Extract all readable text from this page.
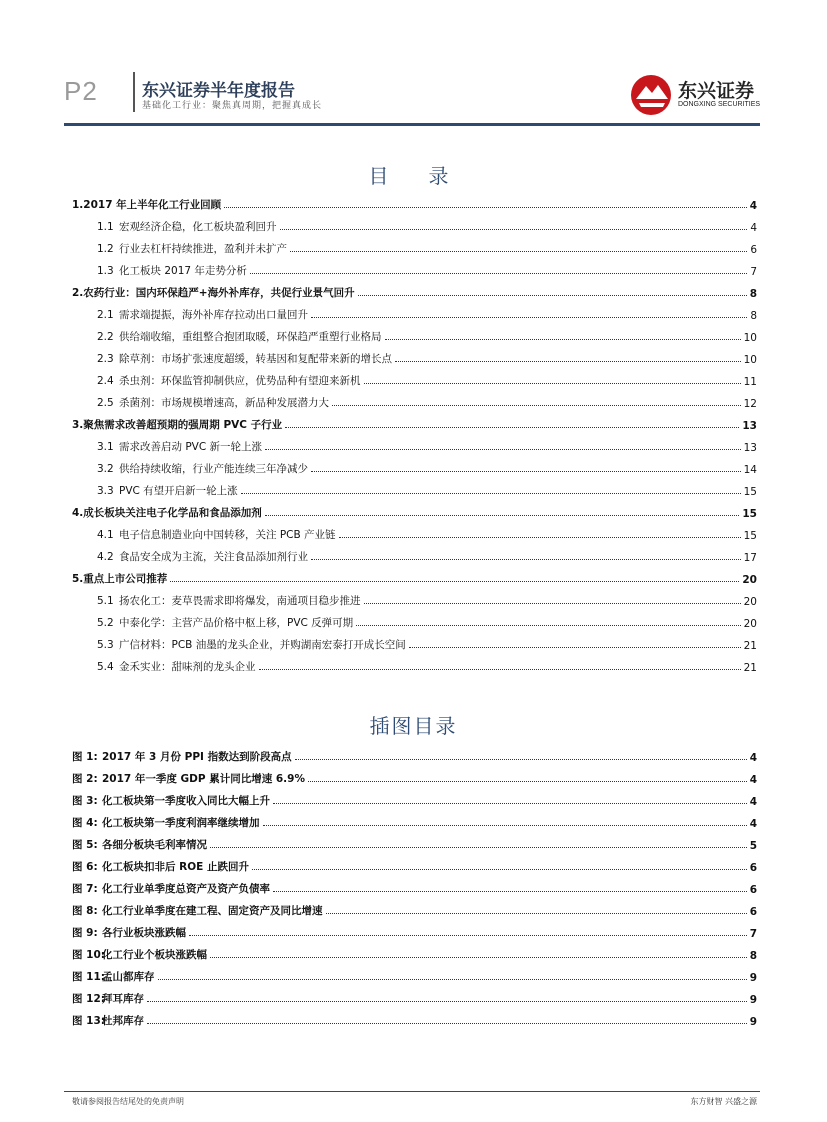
P2	东兴证券半年度报告
基础化工行业：聚焦真周期，把握真成长
东兴证券
DONGXING SECURITIES
目　录
1.2017 年上半年化工行业回顾	4
1.1 宏观经济企稳，化工板块盈利回升	4
1.2 行业去杠杆持续推进，盈利并未扩产	6
1.3 化工板块 2017 年走势分析	7
2.农药行业：国内环保趋严+海外补库存，共促行业景气回升	8
2.1 需求端提振，海外补库存拉动出口量回升	8
2.2 供给端收缩，重组整合抱团取暖，环保趋严重塑行业格局	10
2.3 除草剂：市场扩张速度超缓，转基因和复配带来新的增长点	10
2.4 杀虫剂：环保监管抑制供应，优势品种有望迎来新机	11
2.5 杀菌剂：市场规模增速高，新品种发展潜力大	12
3.聚焦需求改善超预期的强周期 PVC 子行业	13
3.1 需求改善启动 PVC 新一轮上涨	13
3.2 供给持续收缩，行业产能连续三年净减少	14
3.3 PVC 有望开启新一轮上涨	15
4.成长板块关注电子化学品和食品添加剂	15
4.1 电子信息制造业向中国转移，关注 PCB 产业链	15
4.2 食品安全成为主流，关注食品添加剂行业	17
5.重点上市公司推荐	20
5.1 扬农化工：麦草畏需求即将爆发，南通项目稳步推进	20
5.2 中泰化学：主营产品价格中枢上移，PVC 反弹可期	20
5.3 广信材料：PCB 油墨的龙头企业，并购湖南宏泰打开成长空间	21
5.4 金禾实业：甜味剂的龙头企业	21
插图目录
图 1: 2017 年 3 月份 PPI 指数达到阶段高点	4
图 2: 2017 年一季度 GDP 累计同比增速 6.9%	4
图 3: 化工板块第一季度收入同比大幅上升	4
图 4: 化工板块第一季度利润率继续增加	4
图 5: 各细分板块毛利率情况	5
图 6: 化工板块扣非后 ROE 止跌回升	6
图 7: 化工行业单季度总资产及资产负债率	6
图 8: 化工行业单季度在建工程、固定资产及同比增速	6
图 9: 各行业板块涨跌幅	7
图 10:化工行业个板块涨跌幅	8
图 11:孟山都库存	9
图 12:拜耳库存	9
图 13:杜邦库存	9
敬请参阅报告结尾处的免责声明	东方财智 兴盛之源
